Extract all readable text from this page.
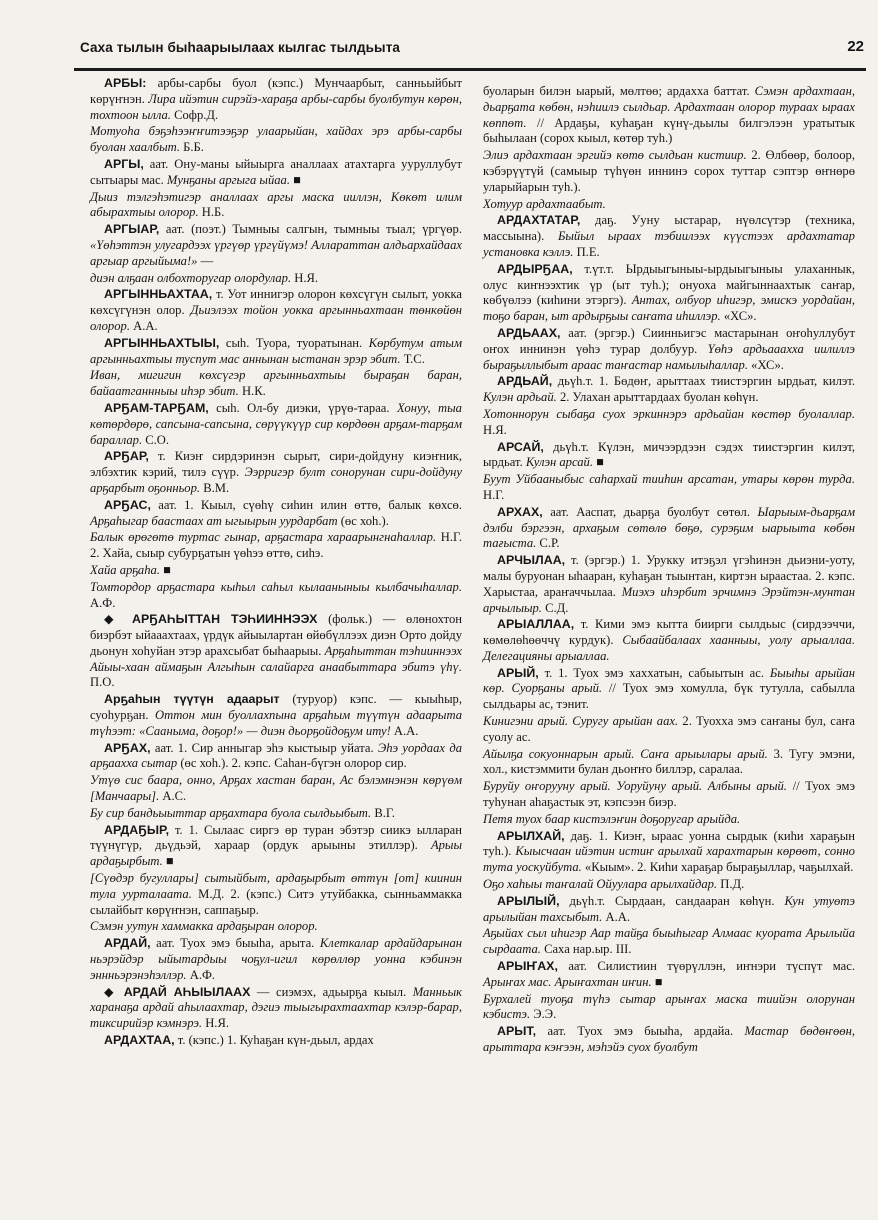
Саха тылын быһаарыылаах кылгас тылдьыта	22

АРБЫ: арбы-сарбы буол (кэпс.) Мунчаарбыт, санньыйбыт көрүҥнэн. Лира ийэтин сирэйэ-хараҕа арбы-сарбы буолбутун көрөн, тохтоон ылла. Софр.Д.

Мотуоһа бэҕэһээҥҥитээҕэр улаарыйан, хайдах эрэ арбы-сарбы буолан хаалбыт. Б.Б.

АРГЫ, аат. Ону-маны ыйыырга аналлаах атахтарга ууруллубут сытыары мас. Мунҕаны аргыга ыйаа. ■

Дыиз тэлгэһэтигэр аналлаах аргы маска ииллэн, Көкөт илим абырахтыы олорор. Н.Б.

АРГЫАР, аат. (поэт.) Тымныы салгын, тымныы тыал; үргүөр. «Үөһэттэн улугардээх үргүөр үргүйүмэ! Аллараттан алдьархайдаах аргыар аргыйыма!» —

диэн алҕаан олбохторугар олордулар. Н.Я.

АРГЫННЬАХТАА, т. Уот иннигэр олорон көхсүгүн сылыт, уокка көхсүгүнэн олор. Дьиэлээх тойон уокка аргынньахтаан төнкөйөн олорор. А.А.

АРГЫННЬАХТЫЫ, сыһ. Туора, туоратынан. Көрбутум атым аргынньахтыы туспут мас аннынан ыстанан эрэр эбит. Т.С.

Иван, мигигин көхсүгэр аргынньахтыы быраҕан баран, байаатганнныы иһэр эбит. Н.К.

АРҔАМ-ТАРҔАМ, сыһ. Ол-бу диэки, үрүө-тараа. Хонуу, тыа көтөрдөрө, сапсына-сапсына, сөрүүкүүр сир көрдөөн арҕам-тарҕам бараллар. С.О.

АРҔАР, т. Киэҥ сирдэринэн сырыт, сири-дойдуну киэҥник, элбэхтик кэрий, тилэ сүүр. Ээрригэр булт сонорунан сири-дойдуну арҕарбыт оҕонньор. В.М.

АРҔАС, аат. 1. Кыыл, сүөһү сиһин илин өттө, балык көхсө. Арҕаһыгар баастаах ат ыгыырын уурдарбат (өс хоһ.).

Балык өрөгөтө туртас гынар, арҕастара хараарынгнаһаллар. Н.Г. 2. Хайа, сыыр субурҕатын үөһээ өттө, сиһэ.

Хайа арҕаһа. ■

Томтордор арҕастара кыһыл саһыл кылааныныы кылбачыһаллар. А.Ф.

◆ АРҔАҺЫТТАН ТЭҺИИННЭЭХ (фольк.) — өлөнохтон биэрбэт ыйааахтаах, үрдүк айыылартан өйөбүллээх диэн Орто дойду дьонун хоһуйан этэр арахсыбат быһаарыы. Арҕаһыттан тэһииннээх Айыы-хаан аймаҕын Алгыһын салайарга анаабыттара эбитэ үһү. П.О.

Арҕаһын түүтүн адаарыт (туруор) кэпс. — кыыһыр, суоһурҕан. Оттон мин буоллахпына арҕаһым түүтүн адаарыта түһээт: «Сааныма, доҕор!» — диэн дьорҕойдоҕум иту! А.А.

АРҔАХ, аат. 1. Сир анныгар эһэ кыстыыр уйата. Эһэ уордаах да арҕаахха сытар (өс хоһ.). 2. кэпс. Саһан-бүгэн олорор сир.

Утүө сис баара, онно, Арҕах хастан баран, Ас бэлэмнэнэн көрүөм [Манчаары]. А.С.

Бу сир бандьыыттар арҕахтара буола сылдьыбыт. В.Г.

АРДАҔЫР, т. 1. Сылаас сиргэ өр туран эбэтэр сиикэ ылларан түүнүгүр, дьүдьэй, хараар (ордук арыыны этиллэр). Арыы ардаҕырбыт. ■

[Сүөдэр бугуллары] сытыйбыт, ардаҕырбыт өттүн [от] киинин тула уурталаата. М.Д. 2. (кэпс.) Ситэ утуйбакка, сынньаммакка сылайбыт көрүҥнэн, саппаҕыр.

Сэмэн уутун хаммакка ардаҕыран олорор.

АРДАЙ, аат. Туох эмэ быыһа, арыта. Клеткалар ардайдарынан ньэрэйдэр ыйытардыы чоҕул-игил көрөллөр уонна кэбинэн эннньэрэнэһэллэр. А.Ф.

◆ АРДАЙ АҺЫЫЛААХ — сиэмэх, адьырҕа кыыл. Манньык харанаҕа ардай аһылаахтар, дэгиэ тыыгырахтаахтар кэлэр-барар, тиксирийэр кэмнэрэ. Н.Я.

АРДАХТАА, т. (кэпс.) 1. Куһаҕан күн-дьыл, ардах

буоларын билэн ыарый, мөлтөө; ардахха баттат. Сэмэн ардахтаан, дьарҕата көбөн, нэһиилэ сылдьар. Ардахтаан олорор тураах ыраах көппөт. // Ардаҕы, куһаҕан күнү-дьылы билгэлээн уратытык быһылаан (сорох кыыл, көтөр туһ.)

Элиэ ардахтаан эргийэ көтө сылдьан кистиир. 2. Өлбөөр, болоор, кэбэрүүтүй (самыыр түһүөн иннинэ сорох туттар сэптэр өҥнөрө уларыйарын туһ.).

Хотуур ардахтаабыт.

АРДАХТАТАР, даҕ. Ууну ыстарар, нүөлсүтэр (техника, массыына). Быйыл ыраах тэбиилээх күүстээх ардахтатар установка кэллэ. П.Е.

АРДЫРҔАА, т.үт.т. Ырдыыгыныы-ырдыыгыныы улаханнык, олус киҥнээхтик үр (ыт туһ.); онуоха майгыннаахтык саҥар, көбүөлээ (киһини этэргэ). Антах, олбуор иһигэр, эмискэ уордайан, тоҕо баран, ыт ардырҕыы саҥата иһиллэр. «ХС».

АРДЬААХ, аат. (эргэр.) Сиинньигэс мастарынан оҥоһуллубут оҥох иннинэн үөһэ турар долбуур. Үөһэ ардьааахха иилиллэ быраҕыллыбыт араас таҥастар намылыһаллар. «ХС».

АРДЬАЙ, дьүһ.т. 1. Бөдөҥ, арыттаах тиистэргин ырдьат, килэт. Кулэн ардьай. 2. Улахан арыттардаах буолан көһүн.

Хотоннорун сыбаҕа суох эркиннэрэ ардьайан көстөр буолаллар. Н.Я.

АРСАЙ, дьүһ.т. Күлэн, мичээрдээн сэдэх тиистэргин килэт, ырдьат. Кулэн арсай. ■

Буут Уйбааныбыс саһархай тииһин арсатан, утары көрөн турда. Н.Г.

АРХАХ, аат. Ааспат, дьарҕа буолбут сөтөл. Ыарыым-дьарҕам дэлби бэргээн, архаҕым сөтөлө бөҕө, сурэҕим ыарыыта көбөн тағыста. С.Р.

АРЧЫЛАА, т. (эргэр.) 1. Урукку итэҕэл үгэһинэн дьиэни-уоту, малы буруонан ыһааран, куһаҕан тыынтан, киртэн ыраастаа. 2. кэпс. Харыстаа, араҥаччылаа. Миэхэ иһэрбит эрчимнэ Эрэйтэн-мунтан арчылыыр. С.Д.

АРЫАЛЛАА, т. Кими эмэ кытта биирги сылдьыс (сирдээччи, көмөлөһөөччү курдук). Сыбаайбалаах хаанныы, уолу арыаллаа. Делегацияны арыаллаа.

АРЫЙ, т. 1. Туох эмэ хаххатын, сабыытын ас. Быыһы арыйан көр. Суорҕаны арый. // Туох эмэ хомулла, бүк тутулла, сабылла сылдьары ас, тэнит.

Кинигэни арый. Суругу арыйан аах. 2. Туоххa эмэ саҥаны бул, саҥа суолу ас.

Айылҕа сокуоннарын арый. Саҥа арыылары арый. 3. Тугу эмэни, хол., кистэммити булан дьоҥҥо биллэр, саралаа.

Буруйу оҥорууну арый. Уоруйуну арый. Албыны арый. // Туох эмэ туһунан аһаҕастык эт, кэпсээн биэр.

Петя туох баар кистэлэҥин доҕоругар арыйда.

АРЫЛХАЙ, даҕ. 1. Киэҥ, ыраас уонна сырдык (киһи хараҕын туһ.). Кыысчаан ийэтин истиҥ арылхай харахтарын көрөөт, сонно тута уоскуйбута. «Кыым». 2. Киһи хараҕар быраҕыллар, чаҕылхай.

Оҕо хаһыы таҥалай Ойуулара арылхайдар. П.Д.

АРЫЛЫЙ, дьүһ.т. Сырдаан, сандааран көһүн. Кун утуөтэ арылыйан тахсыбыт. А.А.

Аҕыйах сыл иһигэр Аар тайҕа быыһыгар Алмаас куората Арылыйа сырдаата. Саха нар.ыр. III.

АРЫҤАХ, аат. Силистиин түөрүллэн, иҥнэри түспүт мас. Арыҥах мас. Арыҥахтан иҥин. ■

Бурхалей туоҕа түһэ сытар арыҥах маска тиийэн олорунан кэбистэ. Э.Э.

АРЫТ, аат. Туох эмэ быыһа, ардайа. Мастар бөдөҥөөн, арыттара кэҥээн, мэһэйэ суох буолбут
